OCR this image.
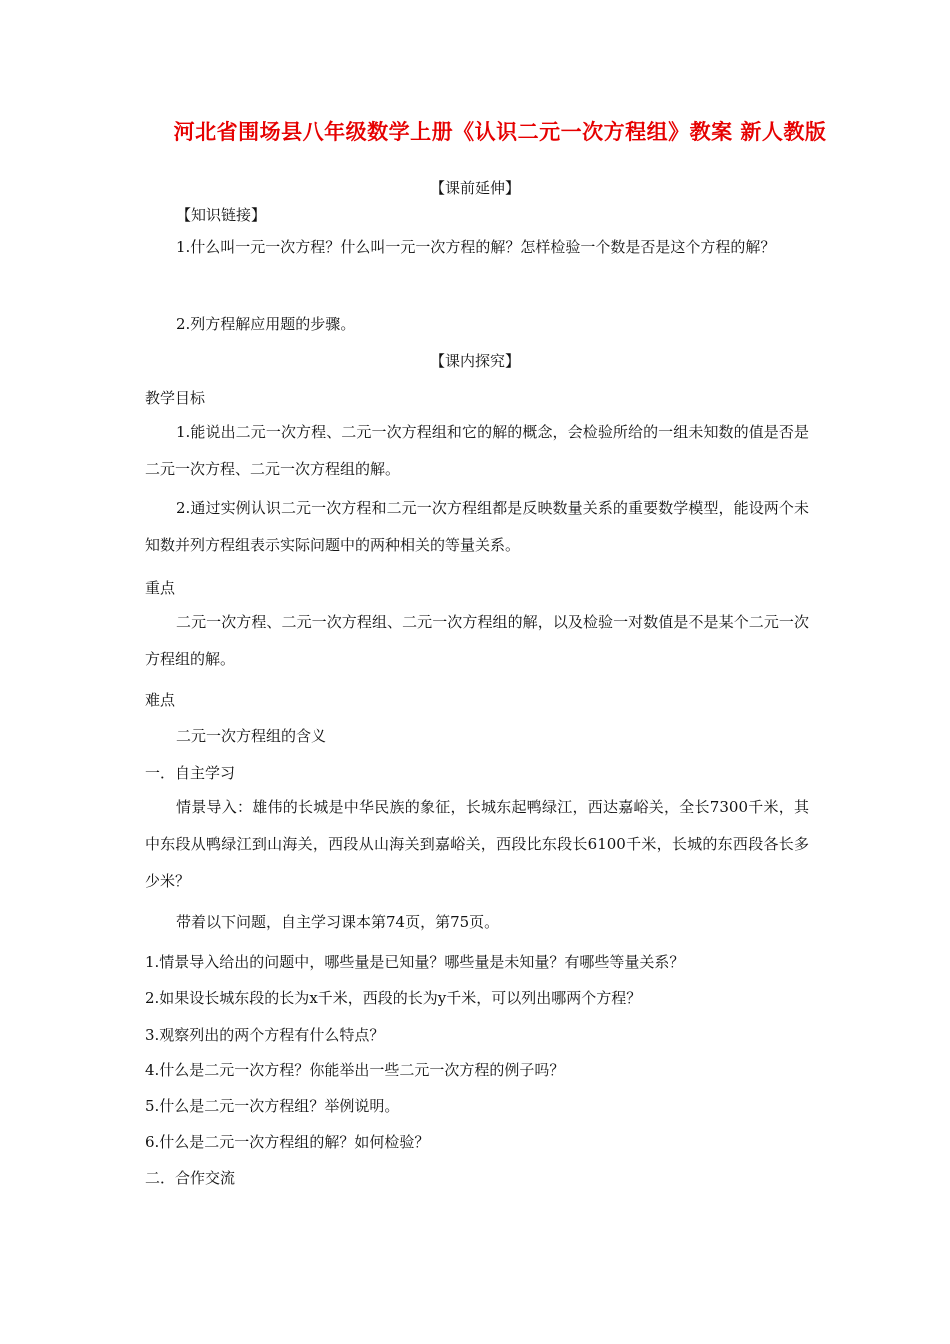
河北省围场县八年级数学上册《认识二元一次方程组》教案 新人教版
【课前延伸】
【知识链接】
1.什么叫一元一次方程？什么叫一元一次方程的解？怎样检验一个数是否是这个方程的解？
2.列方程解应用题的步骤。
【课内探究】
教学目标
1.能说出二元一次方程、二元一次方程组和它的解的概念，会检验所给的一组未知数的值是否是二元一次方程、二元一次方程组的解。
2.通过实例认识二元一次方程和二元一次方程组都是反映数量关系的重要数学模型，能设两个未知数并列方程组表示实际问题中的两种相关的等量关系。
重点
二元一次方程、二元一次方程组、二元一次方程组的解，以及检验一对数值是不是某个二元一次方程组的解。
难点
二元一次方程组的含义
一．自主学习
情景导入：雄伟的长城是中华民族的象征，长城东起鸭绿江，西达嘉峪关，全长7300千米，其中东段从鸭绿江到山海关，西段从山海关到嘉峪关，西段比东段长6100千米，长城的东西段各长多少米？
带着以下问题，自主学习课本第74页，第75页。
1.情景导入给出的问题中，哪些量是已知量？哪些量是未知量？有哪些等量关系？
2.如果设长城东段的长为x千米，西段的长为y千米，可以列出哪两个方程？
3.观察列出的两个方程有什么特点？
4.什么是二元一次方程？你能举出一些二元一次方程的例子吗？
5.什么是二元一次方程组？举例说明。
6.什么是二元一次方程组的解？如何检验？
二．合作交流
